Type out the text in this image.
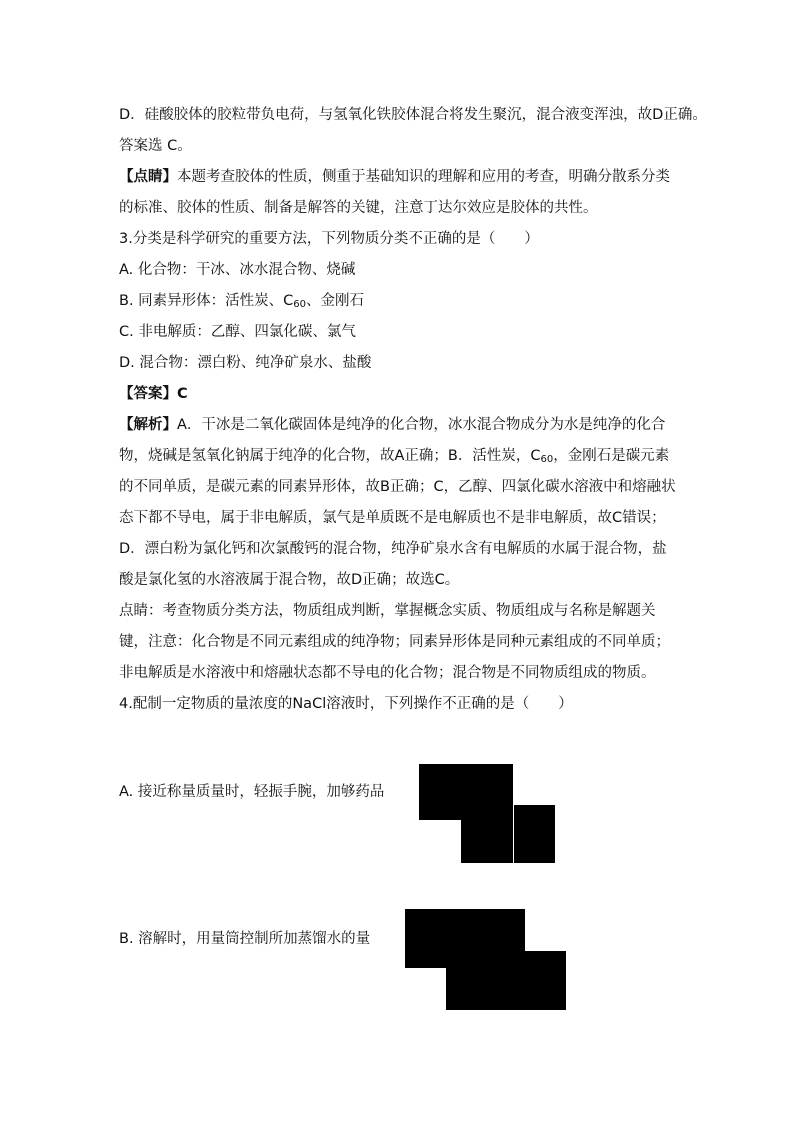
D．硅酸胶体的胶粒带负电荷，与氢氧化铁胶体混合将发生聚沉，混合液变浑浊，故D正确。

答案选 C。

【点睛】本题考查胶体的性质，侧重于基础知识的理解和应用的考查，明确分散系分类的标准、胶体的性质、制备是解答的关键，注意丁达尔效应是胶体的共性。

3.分类是科学研究的重要方法，下列物质分类不正确的是（　　）

A. 化合物：干冰、冰水混合物、烧碱

B. 同素异形体：活性炭、$C_{60}$、金刚石

C. 非电解质：乙醇、四氯化碳、氯气

D. 混合物：漂白粉、纯净矿泉水、盐酸

【答案】C

【解析】A．干冰是二氧化碳固体是纯净的化合物，冰水混合物成分为水是纯净的化合物，烧碱是氢氧化钠属于纯净的化合物，故A正确；B．活性炭，$C_{60}$，金刚石是碳元素的不同单质，是碳元素的同素异形体，故B正确；C，乙醇、四氯化碳水溶液中和熔融状态下都不导电，属于非电解质，氯气是单质既不是电解质也不是非电解质，故C错误；D．漂白粉为氯化钙和次氯酸钙的混合物，纯净矿泉水含有电解质的水属于混合物，盐酸是氯化氢的水溶液属于混合物，故D正确；故选C。

点睛：考查物质分类方法，物质组成判断，掌握概念实质、物质组成与名称是解题关键，注意：化合物是不同元素组成的纯净物；同素异形体是同种元素组成的不同单质；非电解质是水溶液中和熔融状态都不导电的化合物；混合物是不同物质组成的物质。

4.配制一定物质的量浓度的NaCl溶液时，下列操作不正确的是（　　）

A. 接近称量质量时，轻振手腕，加够药品
B. 溶解时，用量筒控制所加蒸馏水的量
